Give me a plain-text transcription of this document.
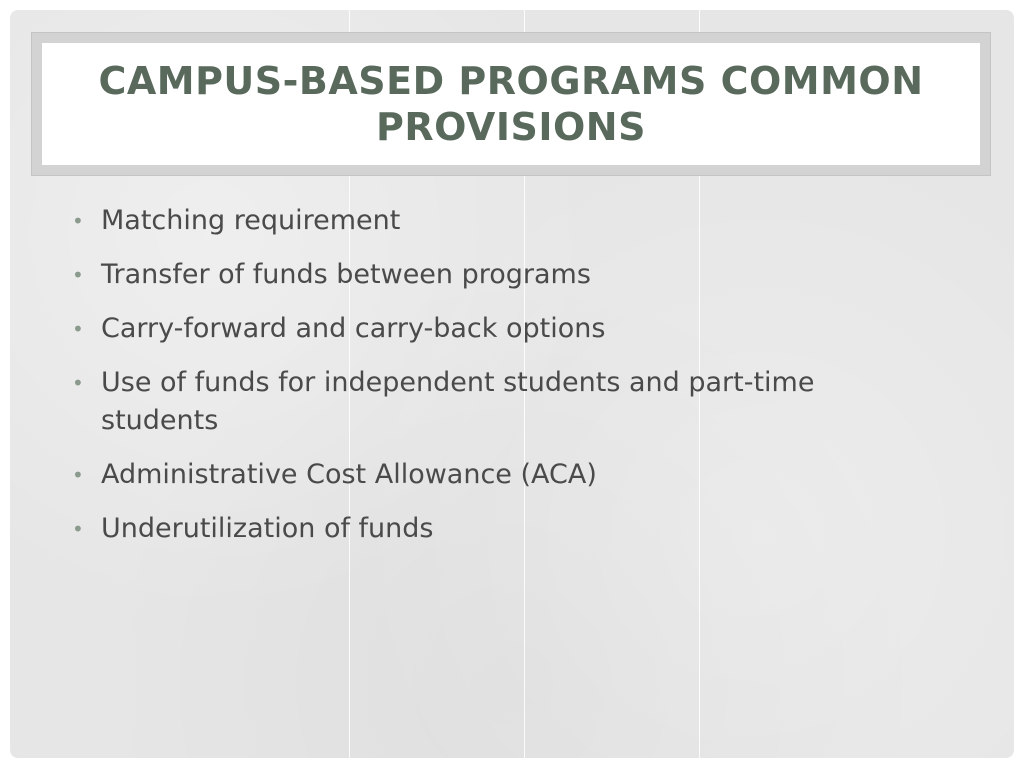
CAMPUS-BASED PROGRAMS COMMON PROVISIONS
• Matching requirement
• Transfer of funds between programs
• Carry-forward and carry-back options
• Use of funds for independent students and part-time students
• Administrative Cost Allowance (ACA)
• Underutilization of funds
